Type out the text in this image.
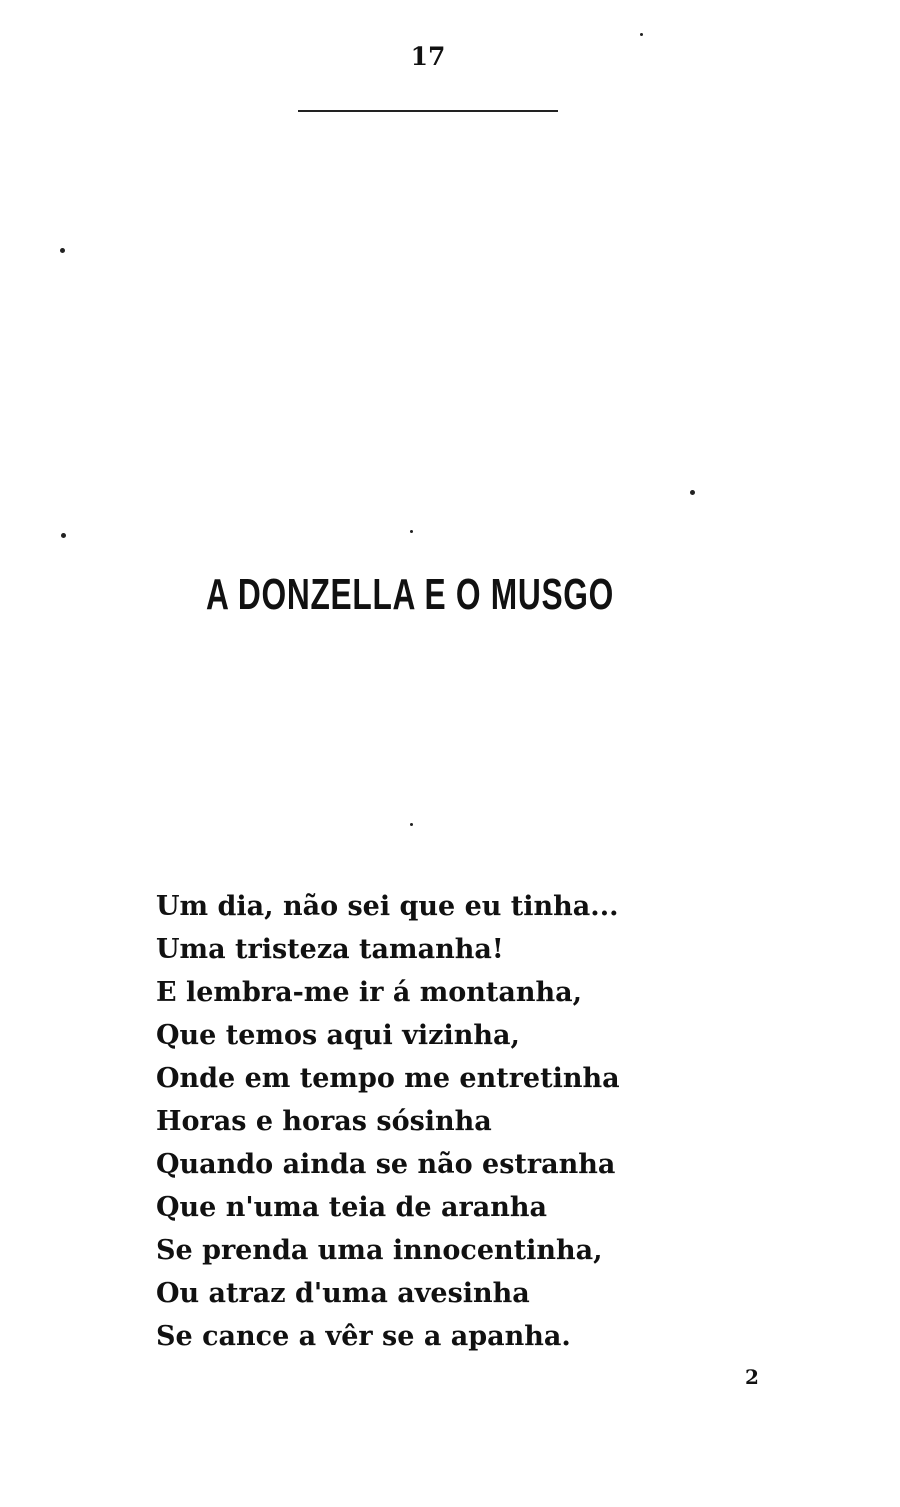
17
A DONZELLA E O MUSGO
Um dia, não sei que eu tinha...
Uma tristeza tamanha!
E lembra-me ir á montanha,
Que temos aqui vizinha,
Onde em tempo me entretinha
Horas e horas sósinha
Quando ainda se não estranha
Que n'uma teia de aranha
Se prenda uma innocentinha,
Ou atraz d'uma avesinha
Se cance a vêr se a apanha.
2
